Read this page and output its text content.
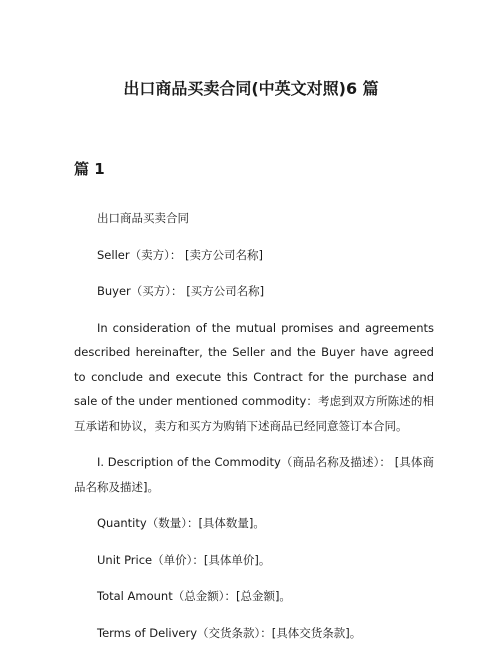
出口商品买卖合同(中英文对照)6 篇
篇 1

出口商品买卖合同

Seller（卖方）： [卖方公司名称]

Buyer（买方）： [买方公司名称]

In consideration of the mutual promises and agreements described hereinafter, the Seller and the Buyer have agreed to conclude and execute this Contract for the purchase and sale of the under mentioned commodity：考虑到双方所陈述的相互承诺和协议，卖方和买方为购销下述商品已经同意签订本合同。

I. Description of the Commodity（商品名称及描述）： [具体商品名称及描述]。

Quantity（数量）：[具体数量]。

Unit Price（单价）：[具体单价]。

Total Amount（总金额）：[总金额]。

Terms of Delivery（交货条款）：[具体交货条款]。
